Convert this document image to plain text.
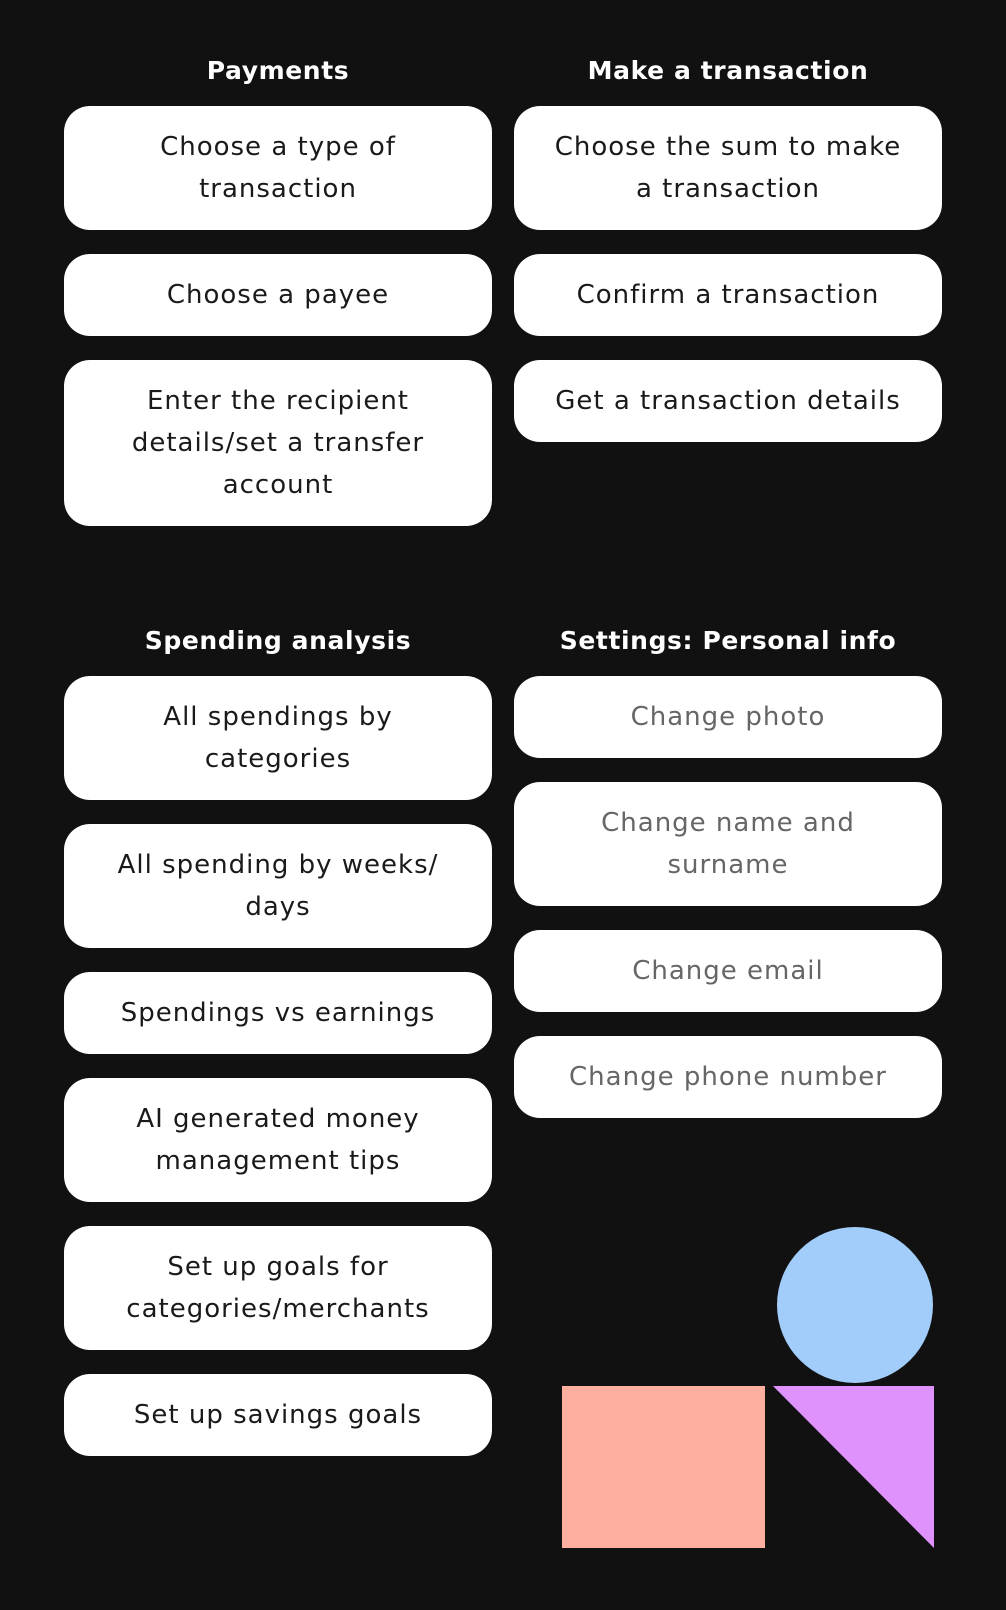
Payments
Choose a type of transaction
Choose a payee
Enter the recipient details/set a transfer account
Make a transaction
Choose the sum to make a transaction
Confirm a transaction
Get a transaction details
Spending analysis
All spendings by categories
All spending by weeks/ days
Spendings vs earnings
AI generated money management tips
Set up goals for categories/merchants
Set up savings goals
Settings: Personal info
Change photo
Change name and surname
Change email
Change phone number
